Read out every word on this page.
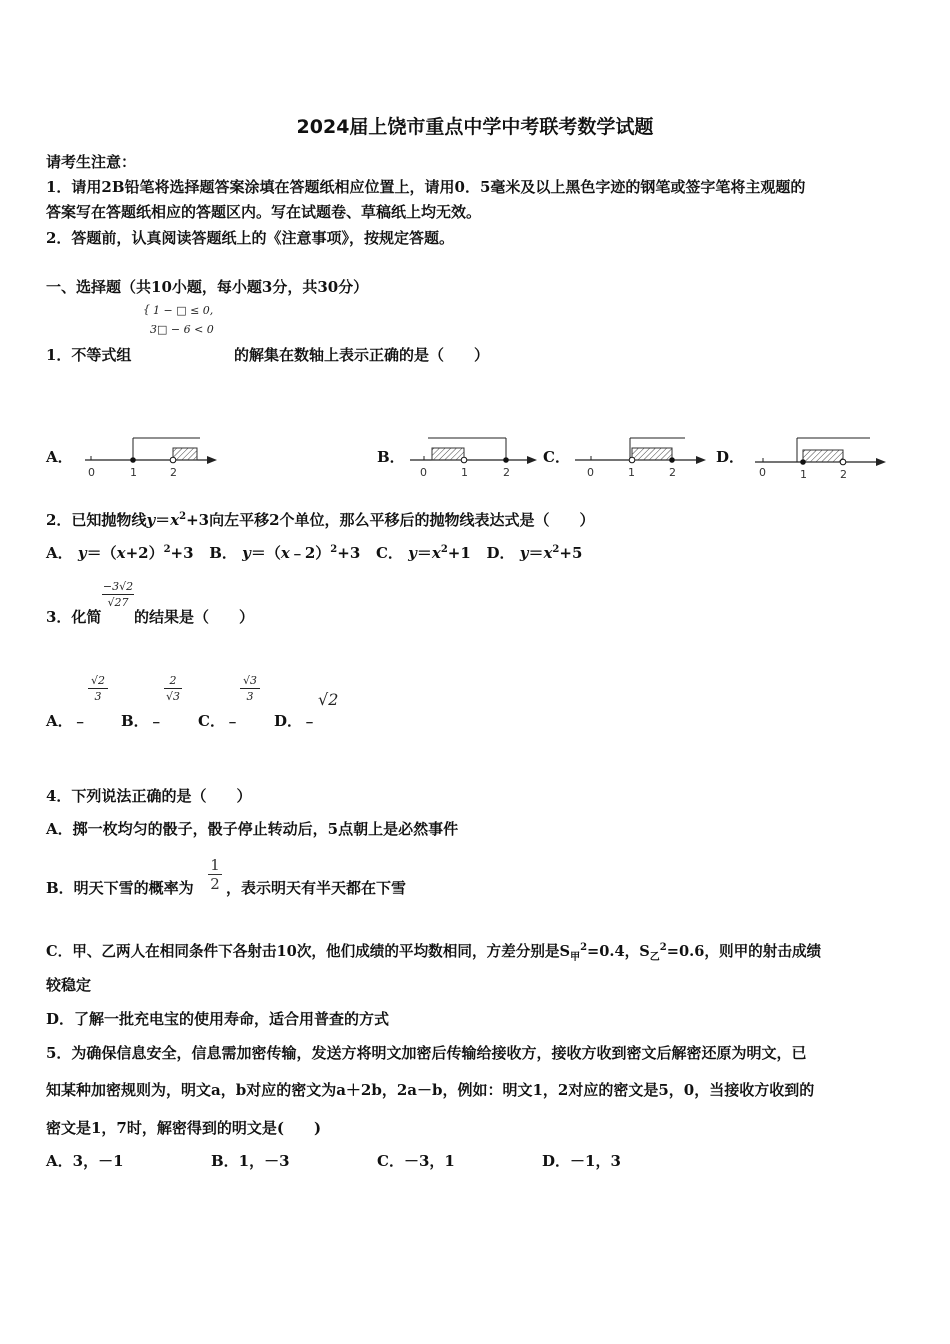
2024届上饶市重点中学中考联考数学试题
请考生注意：
1．请用2B铅笔将选择题答案涂填在答题纸相应位置上，请用0．5毫米及以上黑色字迹的钢笔或签字笔将主观题的
答案写在答题纸相应的答题区内。写在试题卷、草稿纸上均无效。
2．答题前，认真阅读答题纸上的《注意事项》，按规定答题。
一、选择题（共10小题，每小题3分，共30分）
{ 1 − □ ≤ 0,
3□ − 6 < 0
1．不等式组	的解集在数轴上表示正确的是（　　）
A．
0	1	2
B．
0	1	2
C．
0	1	2
D．
0	1	2
2．已知抛物线$y=x^2+3$向左平移2个单位，那么平移后的抛物线表达式是（　　）
A． $y=(x+2)^2+3$ B． y＝（x﹣2）$^2$+3 C． $y=x^2+1$ D． $y=x^2+5$
−3√2
√27
3．化简 的结果是（　　）
√2
3
2
√3
√3
3	√2
A．﹣ B．﹣ C．﹣ D．﹣
4．下列说法正确的是（　　）
A．掷一枚均匀的骰子，骰子停止转动后，5点朝上是必然事件
B．明天下雪的概率为
1
2 ，表示明天有半天都在下雪
C．甲、乙两人在相同条件下各射击10次，他们成绩的平均数相同，方差分别是$S_甲^2=0.4$，$S_乙^2=0.6$，则甲的射击成绩
较稳定
D．了解一批充电宝的使用寿命，适合用普查的方式
5．为确保信息安全，信息需加密传输，发送方将明文加密后传输给接收方，接收方收到密文后解密还原为明文，已
知某种加密规则为，明文a，b对应的密文为a＋2b，2a－b，例如：明文1，2对应的密文是5，0，当接收方收到的
密文是1，7时，解密得到的明文是(　　)
A．3，－1	B．1，－3	C．－3，1	D．－1，3
